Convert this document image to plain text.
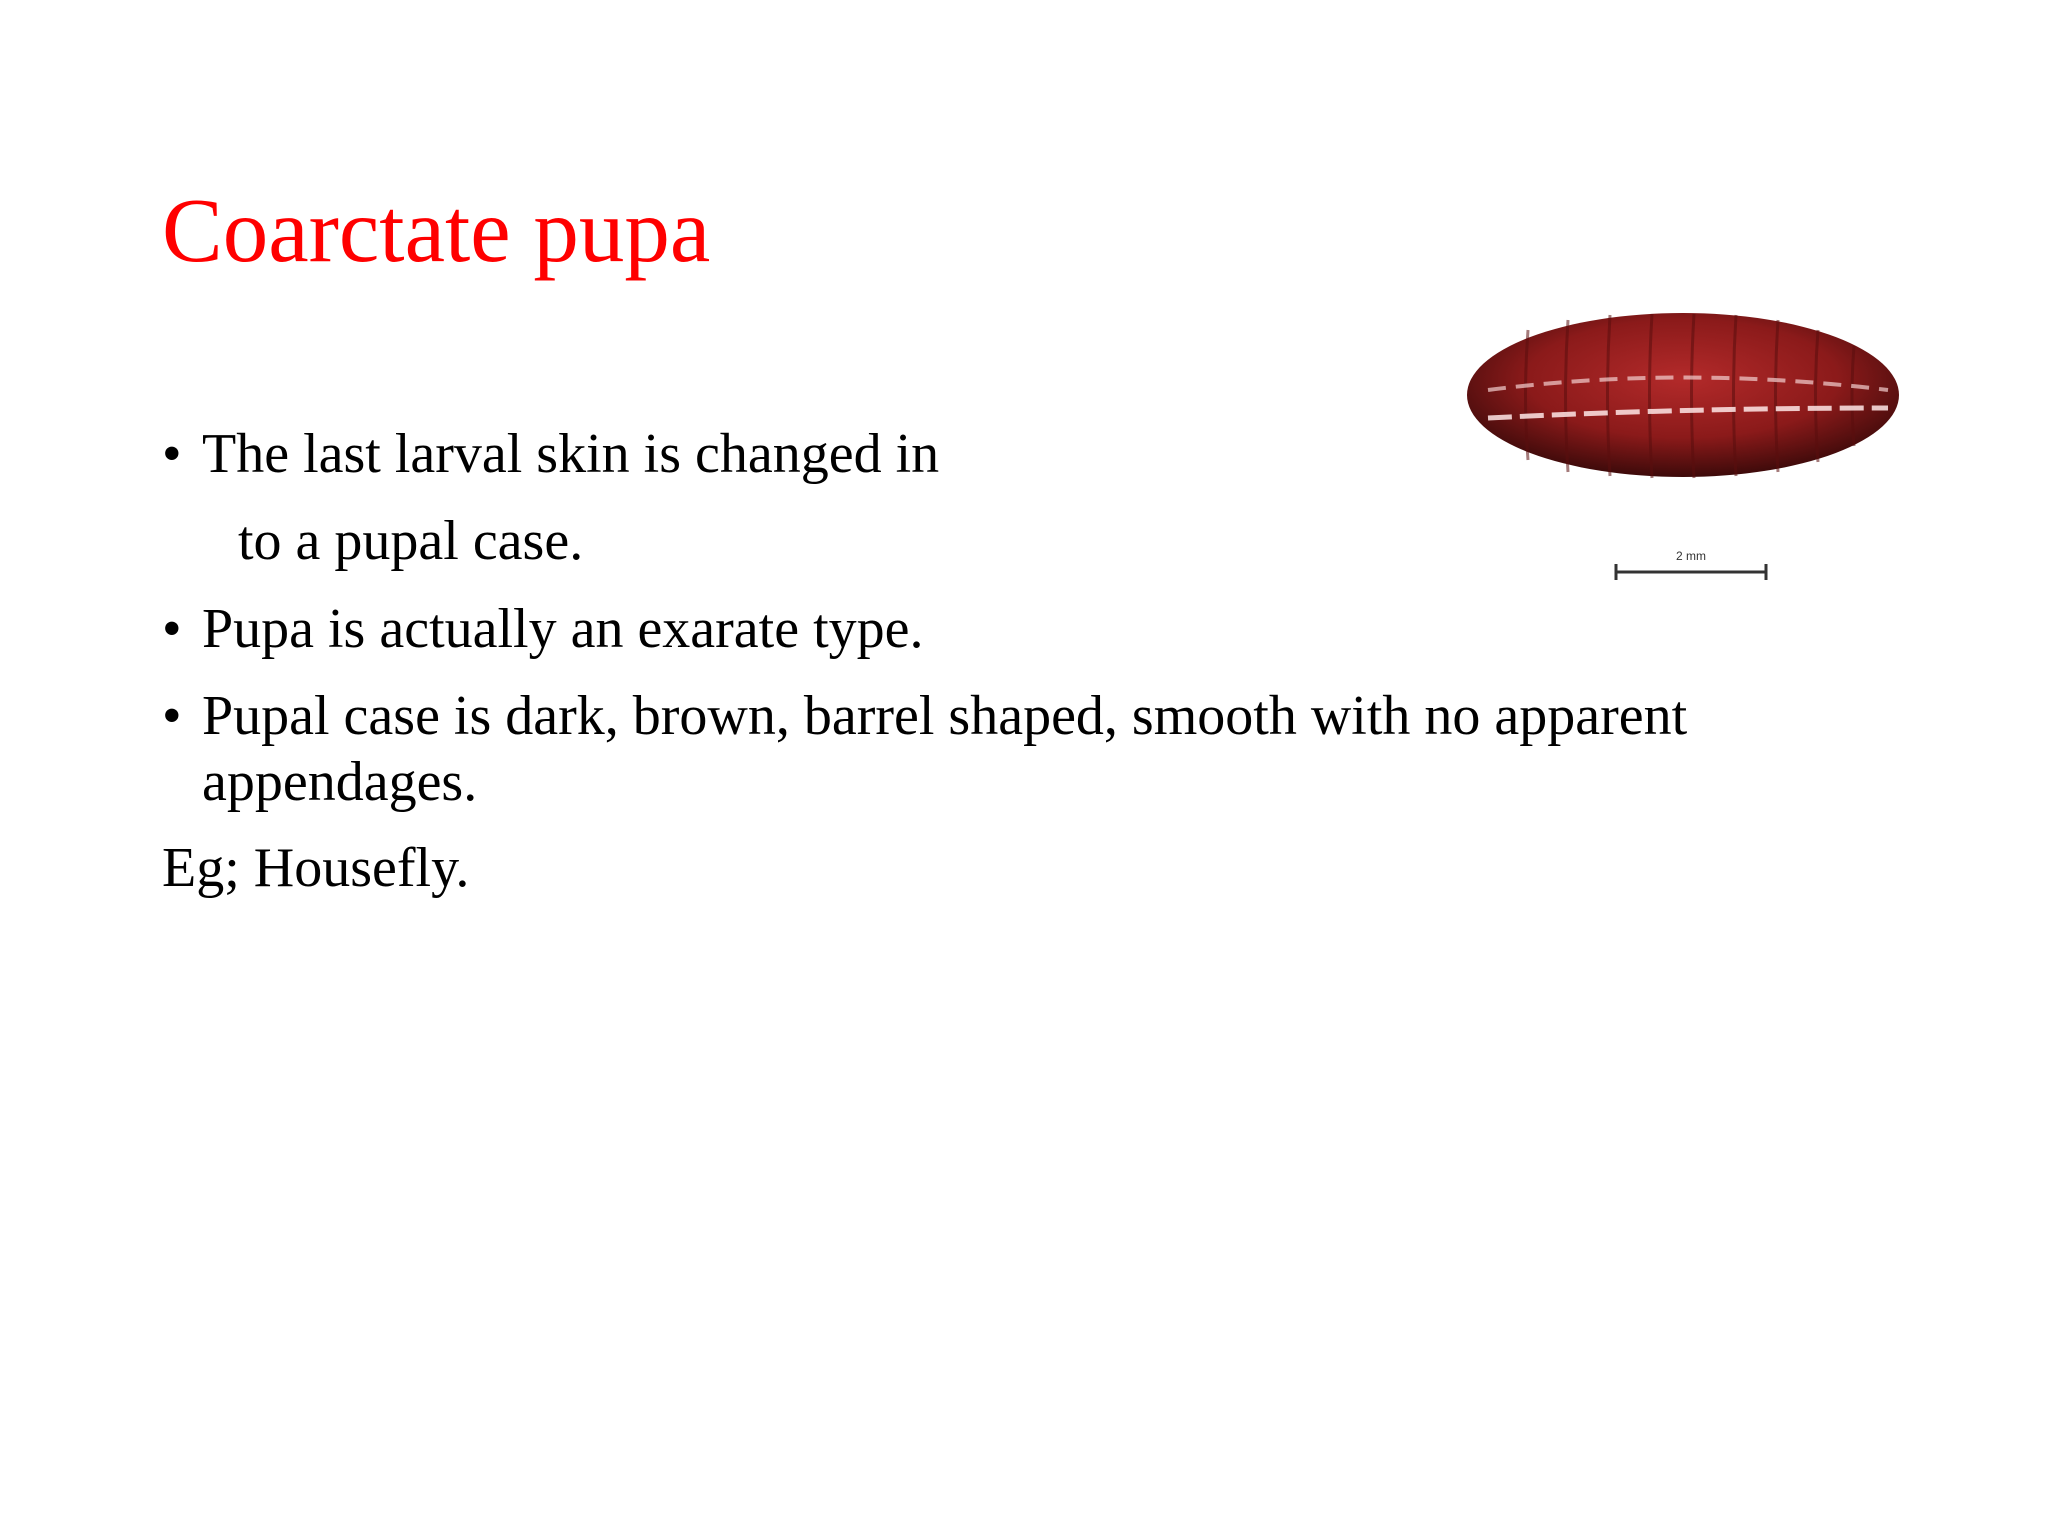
Coarctate pupa
• The last larval skin is changed in
to a pupal case.
• Pupa is actually an exarate type.
• Pupal case is dark, brown, barrel shaped, smooth with no apparent
appendages.
Eg; Housefly.
2 mm
